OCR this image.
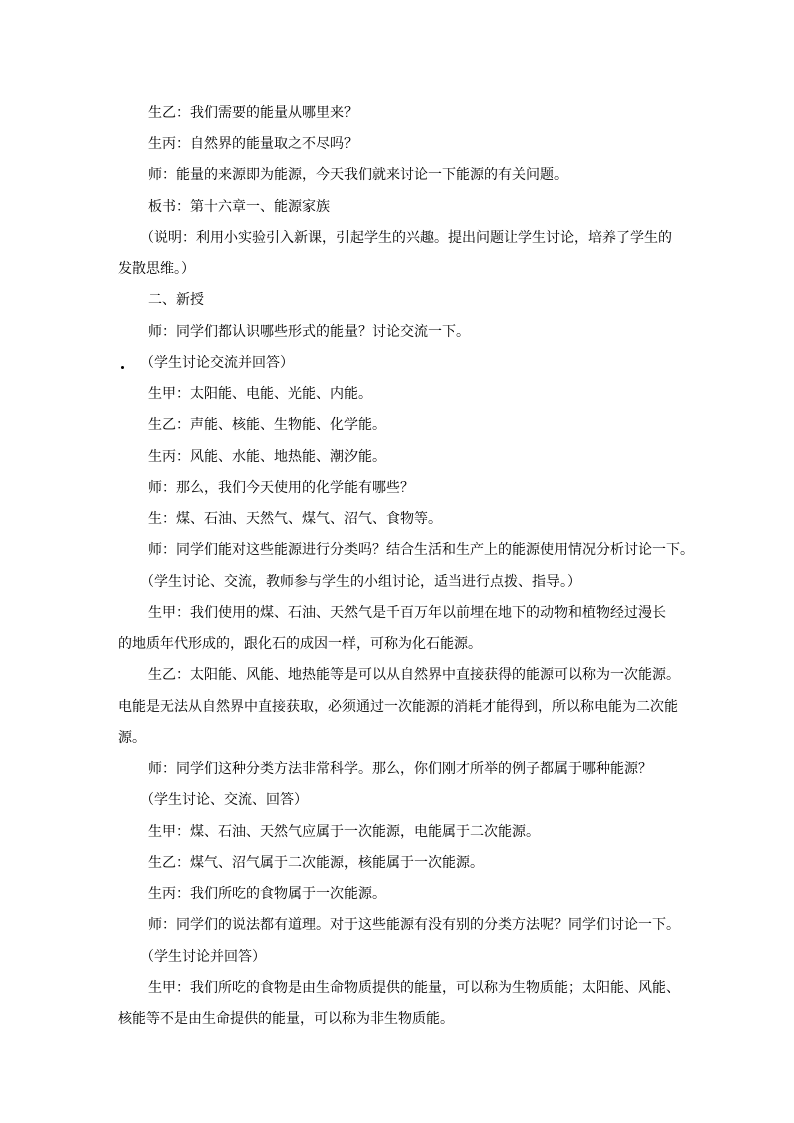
生乙：我们需要的能量从哪里来？
生丙：自然界的能量取之不尽吗？
师：能量的来源即为能源，今天我们就来讨论一下能源的有关问题。
板书：第十六章一、能源家族
（说明：利用小实验引入新课，引起学生的兴趣。提出问题让学生讨论，培养了学生的
发散思维。）
二、新授
师：同学们都认识哪些形式的能量？讨论交流一下。
（学生讨论交流并回答）
生甲：太阳能、电能、光能、内能。
生乙：声能、核能、生物能、化学能。
生丙：风能、水能、地热能、潮汐能。
师：那么，我们今天使用的化学能有哪些？
生：煤、石油、天然气、煤气、沼气、食物等。
师：同学们能对这些能源进行分类吗？结合生活和生产上的能源使用情况分析讨论一下。
（学生讨论、交流，教师参与学生的小组讨论，适当进行点拨、指导。）
生甲：我们使用的煤、石油、天然气是千百万年以前埋在地下的动物和植物经过漫长
的地质年代形成的，跟化石的成因一样，可称为化石能源。
生乙：太阳能、风能、地热能等是可以从自然界中直接获得的能源可以称为一次能源。
电能是无法从自然界中直接获取，必须通过一次能源的消耗才能得到，所以称电能为二次能
源。
师：同学们这种分类方法非常科学。那么，你们刚才所举的例子都属于哪种能源？
（学生讨论、交流、回答）
生甲：煤、石油、天然气应属于一次能源，电能属于二次能源。
生乙：煤气、沼气属于二次能源，核能属于一次能源。
生丙：我们所吃的食物属于一次能源。
师：同学们的说法都有道理。对于这些能源有没有别的分类方法呢？同学们讨论一下。
（学生讨论并回答）
生甲：我们所吃的食物是由生命物质提供的能量，可以称为生物质能；太阳能、风能、
核能等不是由生命提供的能量，可以称为非生物质能。
